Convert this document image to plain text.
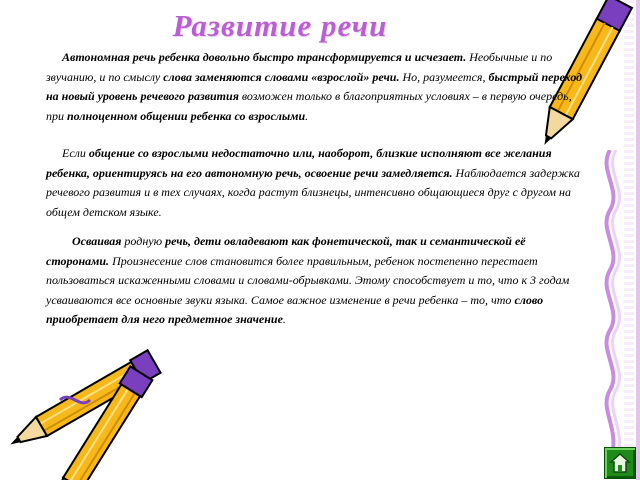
Развитие речи
Автономная речь ребенка довольно быстро трансформируется и исчезает. Необычные и по звучанию, и по смыслу слова заменяются словами «взрослой» речи. Но, разумеется, быстрый переход на новый уровень речевого развития возможен только в благоприятных условиях – в первую очередь, при полноценном общении ребенка со взрослыми.
Если общение со взрослыми недостаточно или, наоборот, близкие исполняют все желания ребенка, ориентируясь на его автономную речь, освоение речи замедляется. Наблюдается задержка речевого развития и в тех случаях, когда растут близнецы, интенсивно общающиеся друг с другом на общем детском языке.
Осваивая родную речь, дети овладевают как фонетической, так и семантической её сторонами. Произнесение слов становится более правильным, ребенок постепенно перестает пользоваться искаженными словами и словами-обрывками. Этому способствует и то, что к 3 годам усваиваются все основные звуки языка. Самое важное изменение в речи ребенка – то, что слово приобретает для него предметное значение.
